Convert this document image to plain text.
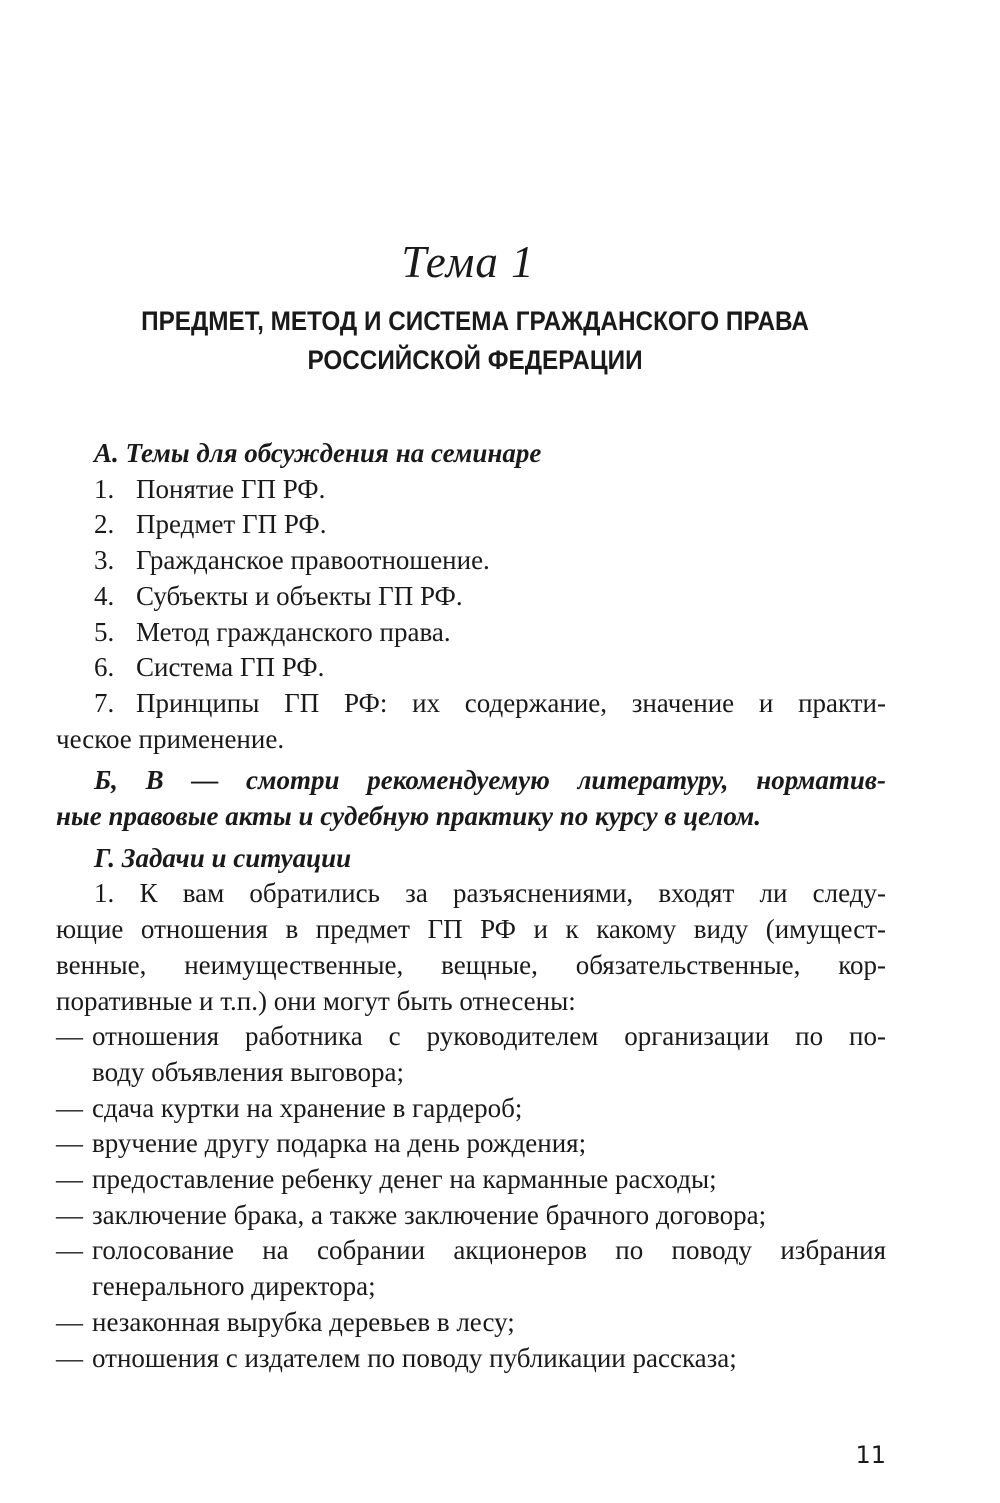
Тема 1
ПРЕДМЕТ, МЕТОД И СИСТЕМА ГРАЖДАНСКОГО ПРАВА
РОССИЙСКОЙ ФЕДЕРАЦИИ
А. Темы для обсуждения на семинаре
1. Понятие ГП РФ.
2. Предмет ГП РФ.
3. Гражданское правоотношение.
4. Субъекты и объекты ГП РФ.
5. Метод гражданского права.
6. Система ГП РФ.
7. Принципы ГП РФ: их содержание, значение и практи-
ческое применение.
Б, В — смотри рекомендуемую литературу, норматив-
ные правовые акты и судебную практику по курсу в целом.
Г. Задачи и ситуации
1. К вам обратились за разъяснениями, входят ли следу-
ющие отношения в предмет ГП РФ и к какому виду (имущест-
венные, неимущественные, вещные, обязательственные, кор-
поративные и т.п.) они могут быть отнесены:
— отношения работника с руководителем организации по по-
воду объявления выговора;
— сдача куртки на хранение в гардероб;
— вручение другу подарка на день рождения;
— предоставление ребенку денег на карманные расходы;
— заключение брака, а также заключение брачного договора;
— голосование на собрании акционеров по поводу избрания
генерального директора;
— незаконная вырубка деревьев в лесу;
— отношения с издателем по поводу публикации рассказа;
11
